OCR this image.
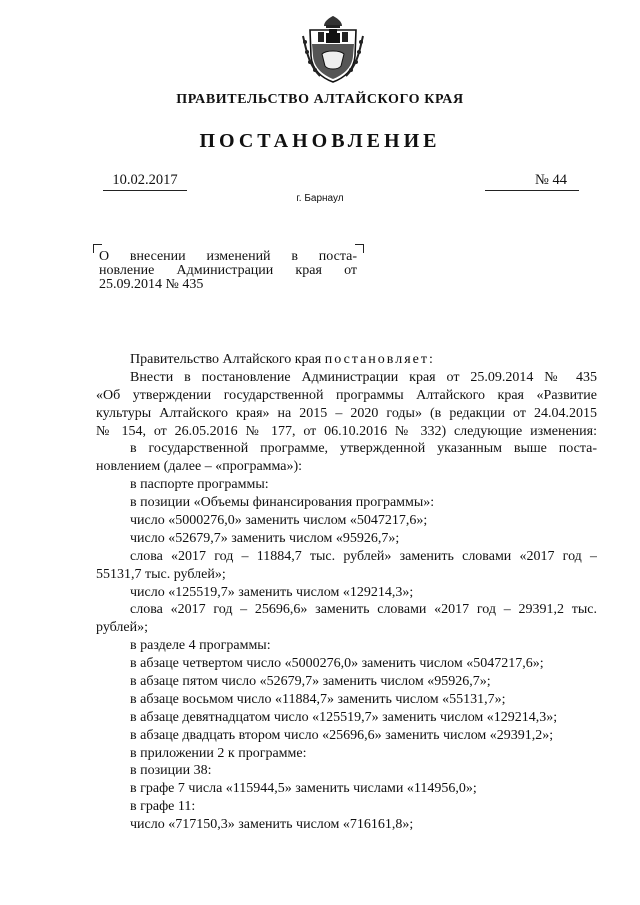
ПРАВИТЕЛЬСТВО АЛТАЙСКОГО КРАЯ
ПОСТАНОВЛЕНИЕ
10.02.2017	№ 44
г. Барнаул
О внесении изменений в поста-
новление Администрации края от
25.09.2014 № 435
Правительство Алтайского края постановляет:
Внести в постановление Администрации края от 25.09.2014 № 435
«Об утверждении государственной программы Алтайского края «Развитие
культуры Алтайского края» на 2015 – 2020 годы» (в редакции от 24.04.2015
№ 154, от 26.05.2016 № 177, от 06.10.2016 № 332) следующие изменения:
в государственной программе, утвержденной указанным выше поста-
новлением (далее – «программа»):
в паспорте программы:
в позиции «Объемы финансирования программы»:
число «5000276,0» заменить числом «5047217,6»;
число «52679,7» заменить числом «95926,7»;
слова «2017 год – 11884,7 тыс. рублей» заменить словами «2017 год –
55131,7 тыс. рублей»;
число «125519,7» заменить числом «129214,3»;
слова «2017 год – 25696,6» заменить словами «2017 год – 29391,2 тыс.
рублей»;
в разделе 4 программы:
в абзаце четвертом число «5000276,0» заменить числом «5047217,6»;
в абзаце пятом число «52679,7» заменить числом «95926,7»;
в абзаце восьмом число «11884,7» заменить числом «55131,7»;
в абзаце девятнадцатом число «125519,7» заменить числом «129214,3»;
в абзаце двадцать втором число «25696,6» заменить числом «29391,2»;
в приложении 2 к программе:
в позиции 38:
в графе 7 числа «115944,5» заменить числами «114956,0»;
в графе 11:
число «717150,3» заменить числом «716161,8»;
